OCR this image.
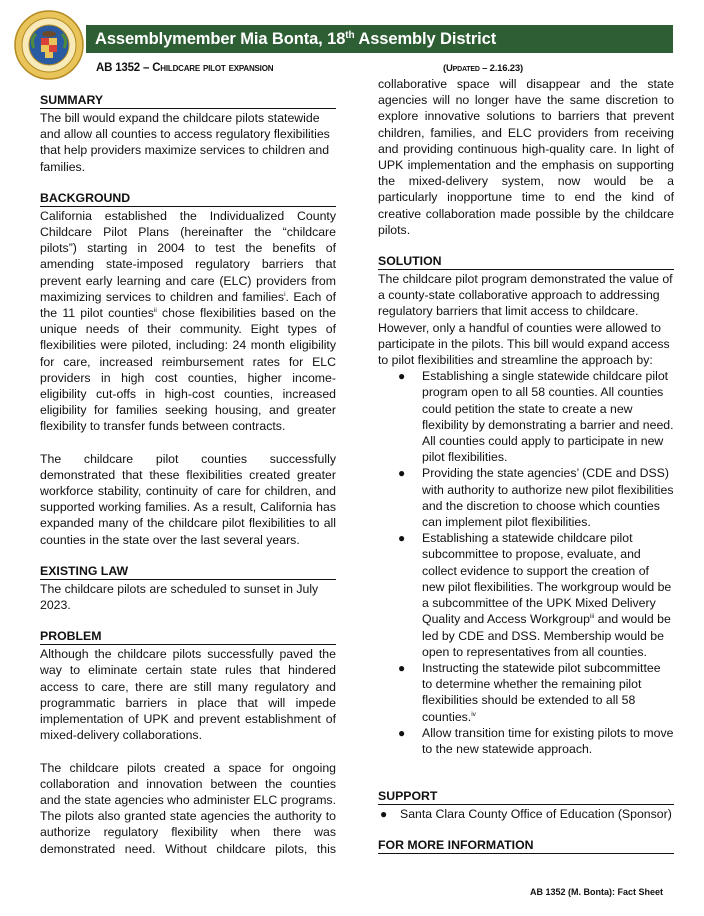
Assemblymember Mia Bonta, 18th Assembly District
AB 1352 – Childcare pilot expansion	(Updated – 2.16.23)
SUMMARY

The bill would expand the childcare pilots statewide and allow all counties to access regulatory flexibilities that help providers maximize services to children and families.

BACKGROUND

California established the Individualized County Childcare Pilot Plans (hereinafter the “childcare pilots”) starting in 2004 to test the benefits of amending state-imposed regulatory barriers that prevent early learning and care (ELC) providers from maximizing services to children and families$^i$. Each of the 11 pilot counties$^{ii}$ chose flexibilities based on the unique needs of their community. Eight types of flexibilities were piloted, including: 24 month eligibility for care, increased reimbursement rates for ELC providers in high cost counties, higher income-eligibility cut-offs in high-cost counties, increased eligibility for families seeking housing, and greater flexibility to transfer funds between contracts.

The childcare pilot counties successfully demonstrated that these flexibilities created greater workforce stability, continuity of care for children, and supported working families. As a result, California has expanded many of the childcare pilot flexibilities to all counties in the state over the last several years.

EXISTING LAW

The childcare pilots are scheduled to sunset in July 2023.

PROBLEM

Although the childcare pilots successfully paved the way to eliminate certain state rules that hindered access to care, there are still many regulatory and programmatic barriers in place that will impede implementation of UPK and prevent establishment of mixed-delivery collaborations.

The childcare pilots created a space for ongoing collaboration and innovation between the counties and the state agencies who administer ELC programs. The pilots also granted state agencies the authority to authorize regulatory flexibility when there was demonstrated need. Without childcare pilots, this

collaborative space will disappear and the state agencies will no longer have the same discretion to explore innovative solutions to barriers that prevent children, families, and ELC providers from receiving and providing continuous high-quality care. In light of UPK implementation and the emphasis on supporting the mixed-delivery system, now would be a particularly inopportune time to end the kind of creative collaboration made possible by the childcare pilots.

SOLUTION

The childcare pilot program demonstrated the value of a county-state collaborative approach to addressing regulatory barriers that limit access to childcare. However, only a handful of counties were allowed to participate in the pilots. This bill would expand access to pilot flexibilities and streamline the approach by:

● Establishing a single statewide childcare pilot program open to all 58 counties. All counties could petition the state to create a new flexibility by demonstrating a barrier and need. All counties could apply to participate in new pilot flexibilities.
● Providing the state agencies’ (CDE and DSS) with authority to authorize new pilot flexibilities and the discretion to choose which counties can implement pilot flexibilities.
● Establishing a statewide childcare pilot subcommittee to propose, evaluate, and collect evidence to support the creation of new pilot flexibilities. The workgroup would be a subcommittee of the UPK Mixed Delivery Quality and Access Workgroup$^{iii}$ and would be led by CDE and DSS. Membership would be open to representatives from all counties.
● Instructing the statewide pilot subcommittee to determine whether the remaining pilot flexibilities should be extended to all 58 counties.$^{iv}$
● Allow transition time for existing pilots to move to the new statewide approach.
SUPPORT
● Santa Clara County Office of Education (Sponsor)
FOR MORE INFORMATION
AB 1352 (M. Bonta): Fact Sheet
